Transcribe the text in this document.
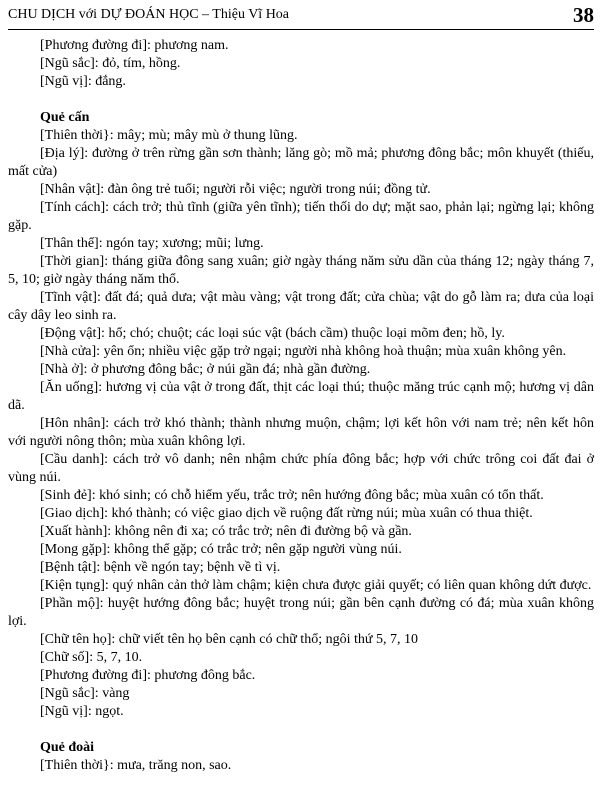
CHU DỊCH với DỰ ĐOÁN HỌC – Thiệu Vĩ Hoa	38

[Phương đường đi]: phương nam.

[Ngũ sắc]: đỏ, tím, hồng.

[Ngũ vị]: đắng.

Quẻ cấn

[Thiên thời}: mây; mù; mây mù ở thung lũng.

[Địa lý]: đường ở trên rừng gần sơn thành; lăng gò; mồ mả; phương đông bắc; môn khuyết (thiếu, mất cửa)

[Nhân vật]: đàn ông trẻ tuổi; người rỗi việc; người trong núi; đồng tử.

[Tính cách]: cách trở; thủ tĩnh (giữa yên tĩnh); tiến thối do dự; mặt sao, phản lại; ngừng lại; không gặp.

[Thân thể]: ngón tay; xương; mũi; lưng.

[Thời gian]: tháng giữa đông sang xuân; giờ ngày tháng năm sửu dần của tháng 12; ngày tháng 7, 5, 10; giờ ngày tháng năm thổ.

[Tĩnh vật]: đất đá; quả dưa; vật màu vàng; vật trong đất; cửa chùa; vật do gỗ làm ra; dưa của loại cây dây leo sinh ra.

[Động vật]: hổ; chó; chuột; các loại súc vật (bách cầm) thuộc loại mõm đen; hồ, ly.

[Nhà cửa]: yên ổn; nhiều việc gặp trở ngại; người nhà không hoà thuận; mùa xuân không yên.

[Nhà ở]: ở phương đông bắc; ở núi gần đá; nhà gần đường.

[Ăn uống]: hương vị của vật ở trong đất, thịt các loại thú; thuộc măng trúc cạnh mộ; hương vị dân dã.

[Hôn nhân]: cách trở khó thành; thành nhưng muộn, chậm; lợi kết hôn với nam trẻ; nên kết hôn với người nông thôn; mùa xuân không lợi.

[Cầu danh]: cách trở vô danh; nên nhậm chức phía đông bắc; hợp với chức trông coi đất đai ở vùng núi.

[Sinh đẻ]: khó sinh; có chỗ hiểm yếu, trắc trở; nên hướng đông bắc; mùa xuân có tổn thất.

[Giao dịch]: khó thành; có việc giao dịch về ruộng đất rừng núi; mùa xuân có thua thiệt.

[Xuất hành]: không nên đi xa; có trắc trở; nên đi đường bộ và gần.

[Mong gặp]: không thể gặp; có trắc trở; nên gặp người vùng núi.

[Bệnh tật]: bệnh về ngón tay; bệnh về tì vị.

[Kiện tụng]: quý nhân cản thở làm chậm; kiện chưa được giải quyết; có liên quan không dứt được.

[Phần mộ]: huyệt hướng đông bắc; huyệt trong núi; gần bên cạnh đường có đá; mùa xuân không lợi.

[Chữ tên họ]: chữ viết tên họ bên cạnh có chữ thổ; ngôi thứ 5, 7, 10

[Chữ số]: 5, 7, 10.

[Phương đường đi]: phương đông bắc.

[Ngũ sắc]: vàng

[Ngũ vị]: ngọt.

Quẻ đoài

[Thiên thời}: mưa, trăng non, sao.
